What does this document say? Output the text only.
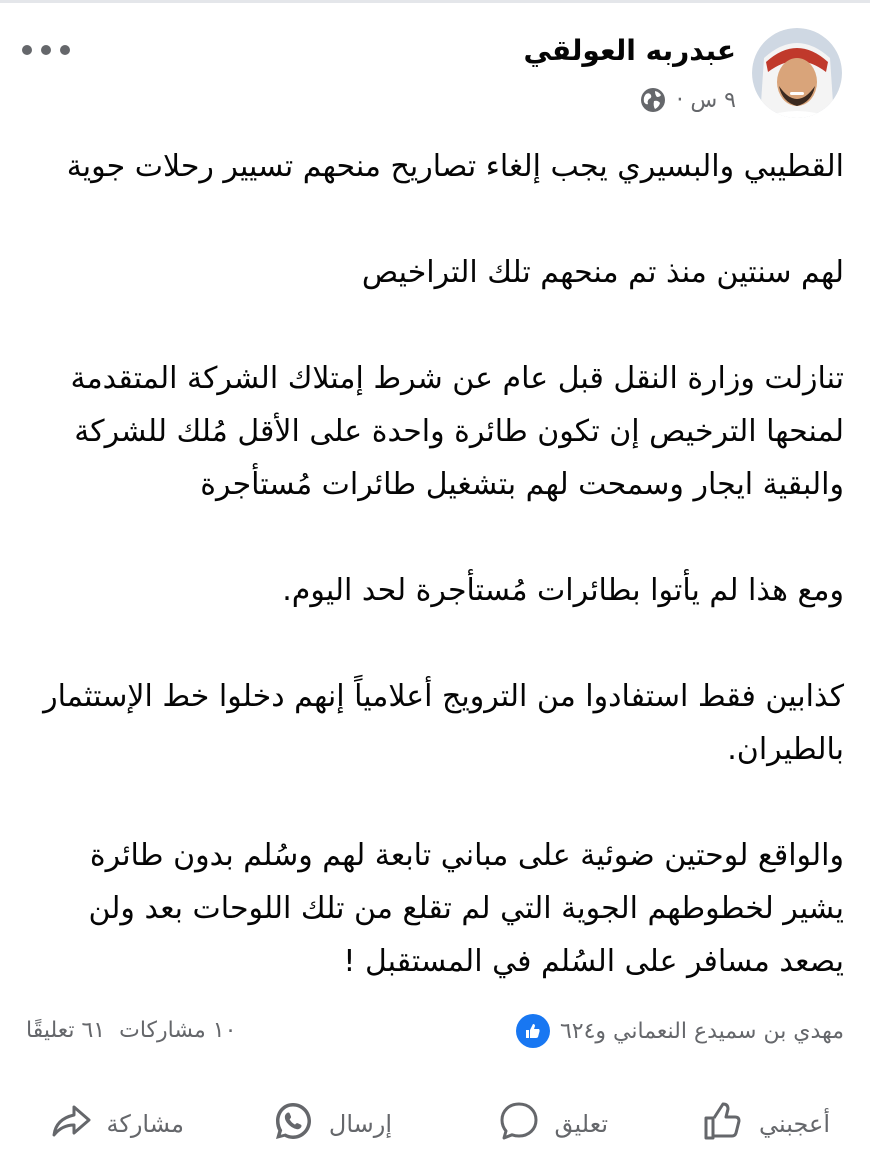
عبدربه العولقي
٩ س ·

القطيبي والبسيري يجب إلغاء تصاريح منحهم تسيير رحلات جوية

لهم سنتين منذ تم منحهم تلك التراخيص

تنازلت وزارة النقل قبل عام عن شرط إمتلاك الشركة المتقدمة لمنحها الترخيص إن تكون طائرة واحدة على الأقل مُلك للشركة والبقية ايجار وسمحت لهم بتشغيل طائرات مُستأجرة

ومع هذا لم يأتوا بطائرات مُستأجرة لحد اليوم.

كذابين فقط استفادوا من الترويج أعلامياً إنهم دخلوا خط الإستثمار بالطيران.

والواقع لوحتين ضوئية على مباني تابعة لهم وسُلم بدون طائرة يشير لخطوطهم الجوية التي لم تقلع من تلك اللوحات بعد ولن يصعد مسافر على السُلم في المستقبل !

مهدي بن سميدع النعماني و٦٢٤
٦١ تعليقًا ١٠ مشاركات
أعجبني
تعليق
إرسال
مشاركة
